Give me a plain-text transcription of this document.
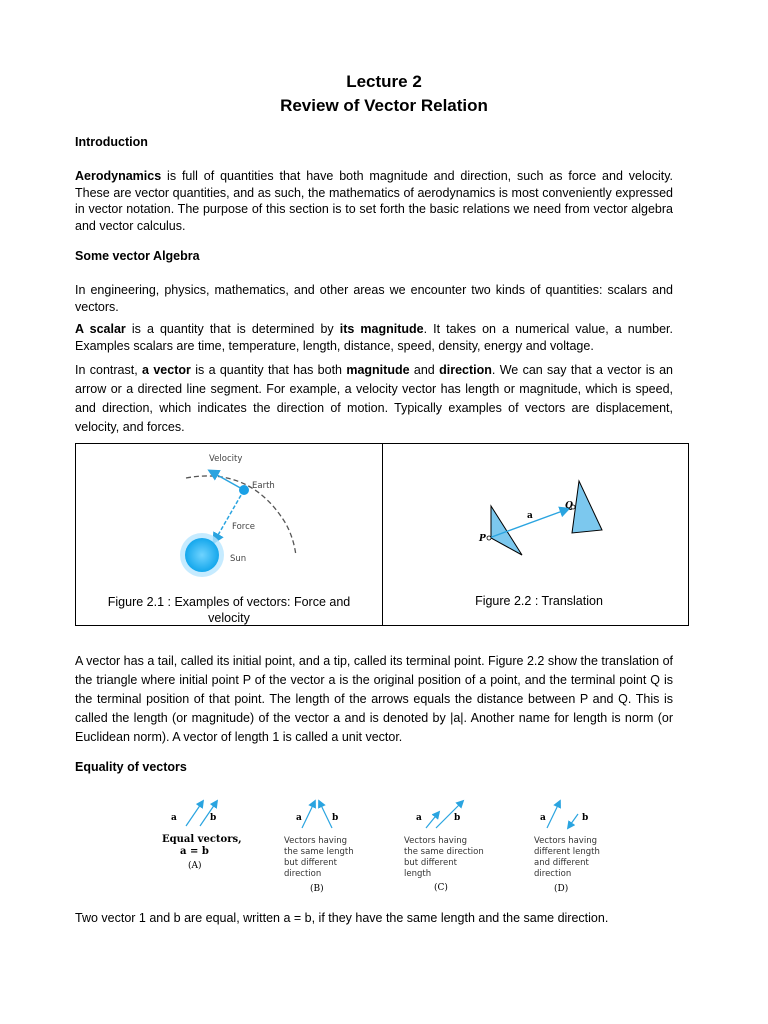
Lecture 2
Review of Vector Relation
Introduction
Aerodynamics is full of quantities that have both magnitude and direction, such as force and velocity. These are vector quantities, and as such, the mathematics of aerodynamics is most conveniently expressed in vector notation. The purpose of this section is to set forth the basic relations we need from vector algebra and vector calculus.
Some vector Algebra
In engineering, physics, mathematics, and other areas we encounter two kinds of quantities: scalars and vectors.
A scalar is a quantity that is determined by its magnitude. It takes on a numerical value, a number. Examples scalars are time, temperature, length, distance, speed, density, energy and voltage.
In contrast, a vector is a quantity that has both magnitude and direction. We can say that a vector is an arrow or a directed line segment. For example, a velocity vector has length or magnitude, which is speed, and direction, which indicates the direction of motion. Typically examples of vectors are displacement, velocity, and forces.
Velocity
Earth
Force
Sun
Figure 2.1 : Examples of vectors: Force and velocity
a
P
Q
Figure 2.2 : Translation
A vector has a tail, called its initial point, and a tip, called its terminal point. Figure 2.2 show the translation of the triangle where initial point P of the vector a is the original position of a point, and the terminal point Q is the terminal position of that point. The length of the arrows equals the distance between P and Q. This is called the length (or magnitude) of the vector a and is denoted by |a|. Another name for length is norm (or Euclidean norm). A vector of length 1 is called a unit vector.
Equality of vectors
a	b
Equal vectors,
a = b
(A)
a	b
Vectors having
the same length
but different
direction
(B)
a	b
Vectors having
the same direction
but different
length
(C)
a	b
Vectors having
different length
and different
direction
(D)
Two vector 1 and b are equal, written a = b, if they have the same length and the same direction.
